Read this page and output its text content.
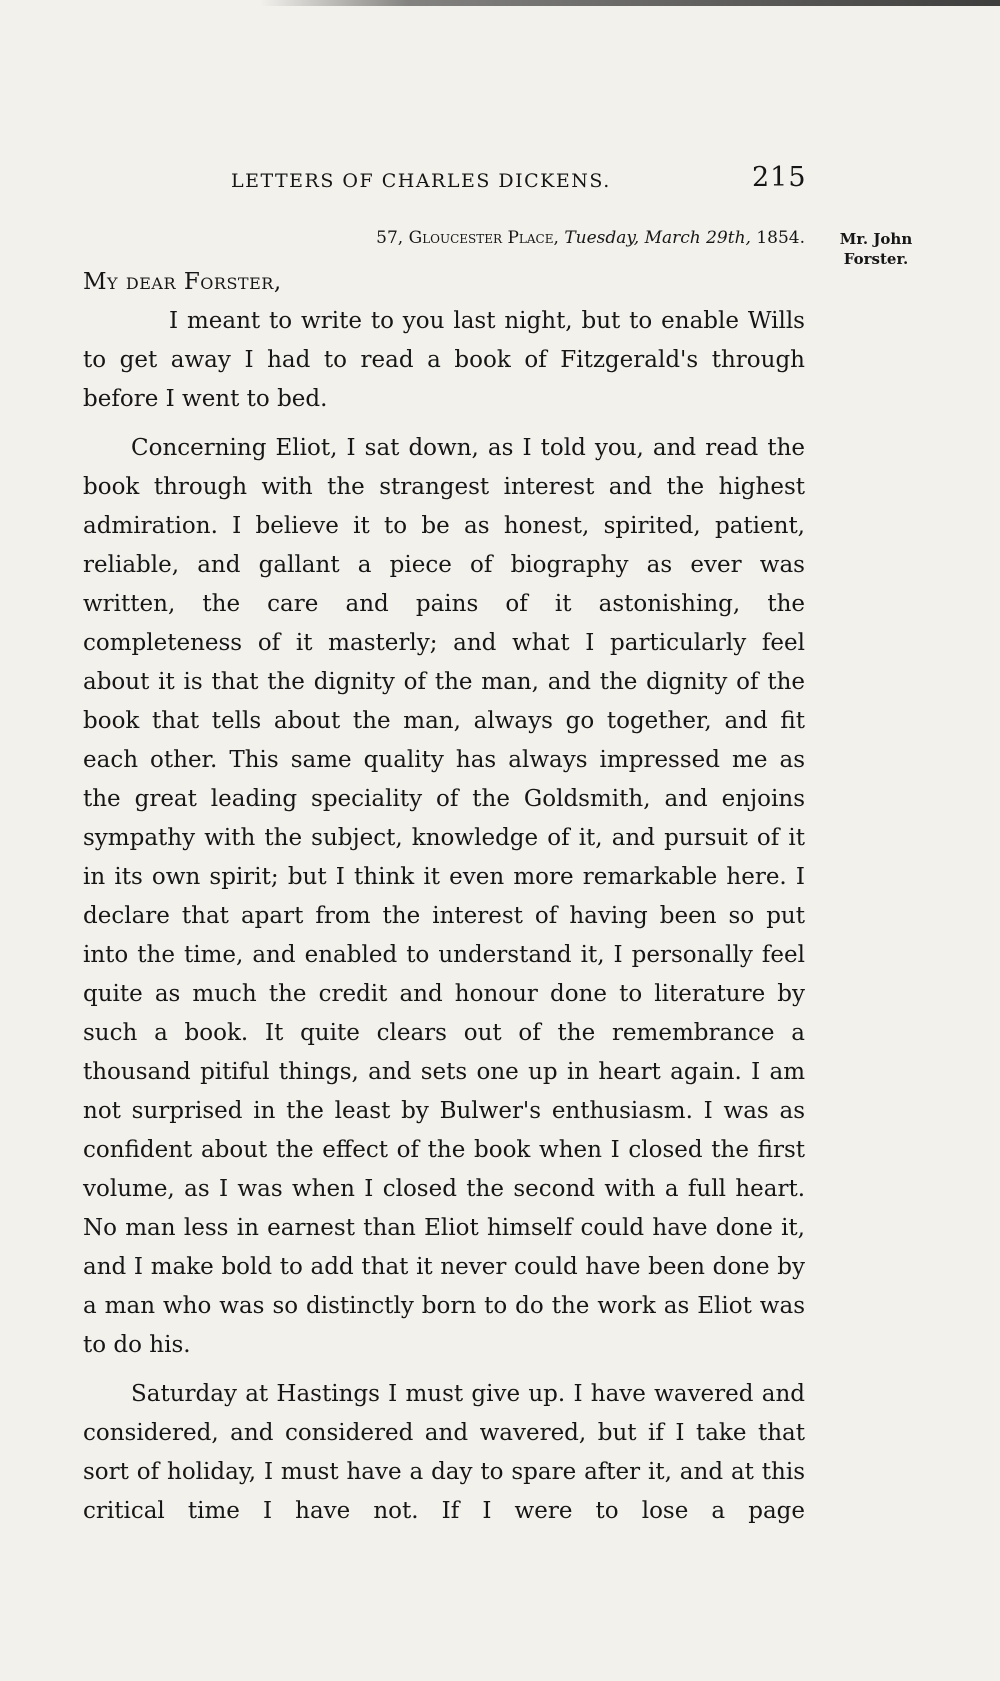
LETTERS OF CHARLES DICKENS.	215
57, Gloucester Place, Tuesday, March 29th, 1854.	Mr. John
Forster.
My dear Forster,

I meant to write to you last night, but to enable Wills to get away I had to read a book of Fitzgerald's through before I went to bed.

Concerning Eliot, I sat down, as I told you, and read the book through with the strangest interest and the highest admiration. I believe it to be as honest, spirited, patient, reliable, and gallant a piece of biography as ever was written, the care and pains of it astonishing, the completeness of it masterly; and what I particularly feel about it is that the dignity of the man, and the dignity of the book that tells about the man, always go together, and fit each other. This same quality has always impressed me as the great leading speciality of the Goldsmith, and enjoins sympathy with the subject, knowledge of it, and pursuit of it in its own spirit; but I think it even more remarkable here. I declare that apart from the interest of having been so put into the time, and enabled to understand it, I personally feel quite as much the credit and honour done to literature by such a book. It quite clears out of the remembrance a thousand pitiful things, and sets one up in heart again. I am not surprised in the least by Bulwer's enthusiasm. I was as confident about the effect of the book when I closed the first volume, as I was when I closed the second with a full heart. No man less in earnest than Eliot himself could have done it, and I make bold to add that it never could have been done by a man who was so distinctly born to do the work as Eliot was to do his.

Saturday at Hastings I must give up. I have wavered and considered, and considered and wavered, but if I take that sort of holiday, I must have a day to spare after it, and at this critical time I have not. If I were to lose a page
